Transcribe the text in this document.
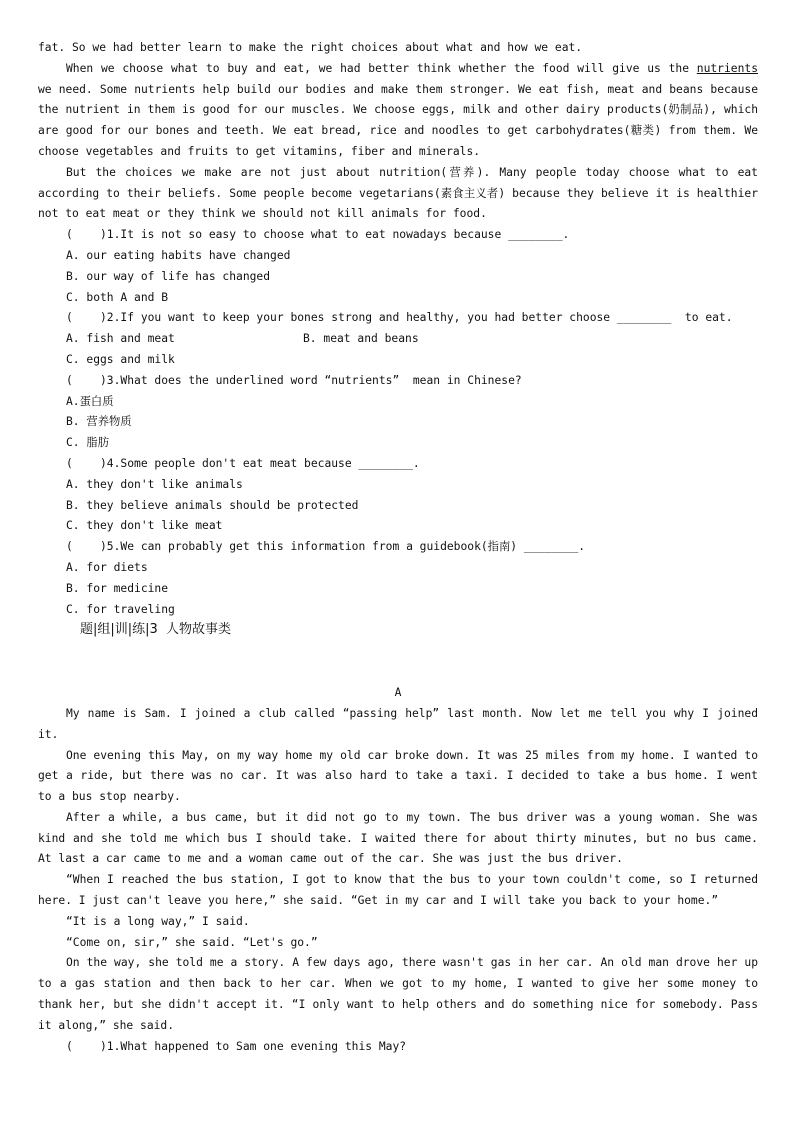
fat. So we had better learn to make the right choices about what and how we eat.

When we choose what to buy and eat, we had better think whether the food will give us the nutrients we need. Some nutrients help build our bodies and make them stronger. We eat fish, meat and beans because the nutrient in them is good for our muscles. We choose eggs, milk and other dairy products(奶制品), which are good for our bones and teeth. We eat bread, rice and noodles to get carbohydrates(糖类) from them. We choose vegetables and fruits to get vitamins, fiber and minerals.

But the choices we make are not just about nutrition(营养). Many people today choose what to eat according to their beliefs. Some people become vegetarians(素食主义者) because they believe it is healthier not to eat meat or they think we should not kill animals for food.

(    )1.It is not so easy to choose what to eat nowadays because ________.

A. our eating habits have changed

B. our way of life has changed

C. both A and B

(    )2.If you want to keep your bones strong and healthy, you had better choose ________  to eat.

A. fish and meat	B. meat and beans

C. eggs and milk

(    )3.What does the underlined word “nutrients”  mean in Chinese?

A.蛋白质

B. 营养物质

C. 脂肪

(    )4.Some people don't eat meat because ________.

A. they don't like animals

B. they believe animals should be protected

C. they don't like meat

(    )5.We can probably get this information from a guidebook(指南) ________.

A. for diets

B. for medicine

C. for traveling

题|组|训|练|3  人物故事类

A

My name is Sam. I joined a club called “passing help” last month. Now let me tell you why I joined it.

One evening this May, on my way home my old car broke down. It was 25 miles from my home. I wanted to get a ride, but there was no car. It was also hard to take a taxi. I decided to take a bus home. I went to a bus stop nearby.

After a while, a bus came, but it did not go to my town. The bus driver was a young woman. She was kind and she told me which bus I should take. I waited there for about thirty minutes, but no bus came. At last a car came to me and a woman came out of the car. She was just the bus driver.

“When I reached the bus station, I got to know that the bus to your town couldn't come, so I returned here. I just can't leave you here,” she said. “Get in my car and I will take you back to your home.”

“It is a long way,” I said.

“Come on, sir,” she said. “Let's go.”

On the way, she told me a story. A few days ago, there wasn't gas in her car. An old man drove her up to a gas station and then back to her car. When we got to my home, I wanted to give her some money to thank her, but she didn't accept it. “I only want to help others and do something nice for somebody. Pass it along,” she said.

(    )1.What happened to Sam one evening this May?
